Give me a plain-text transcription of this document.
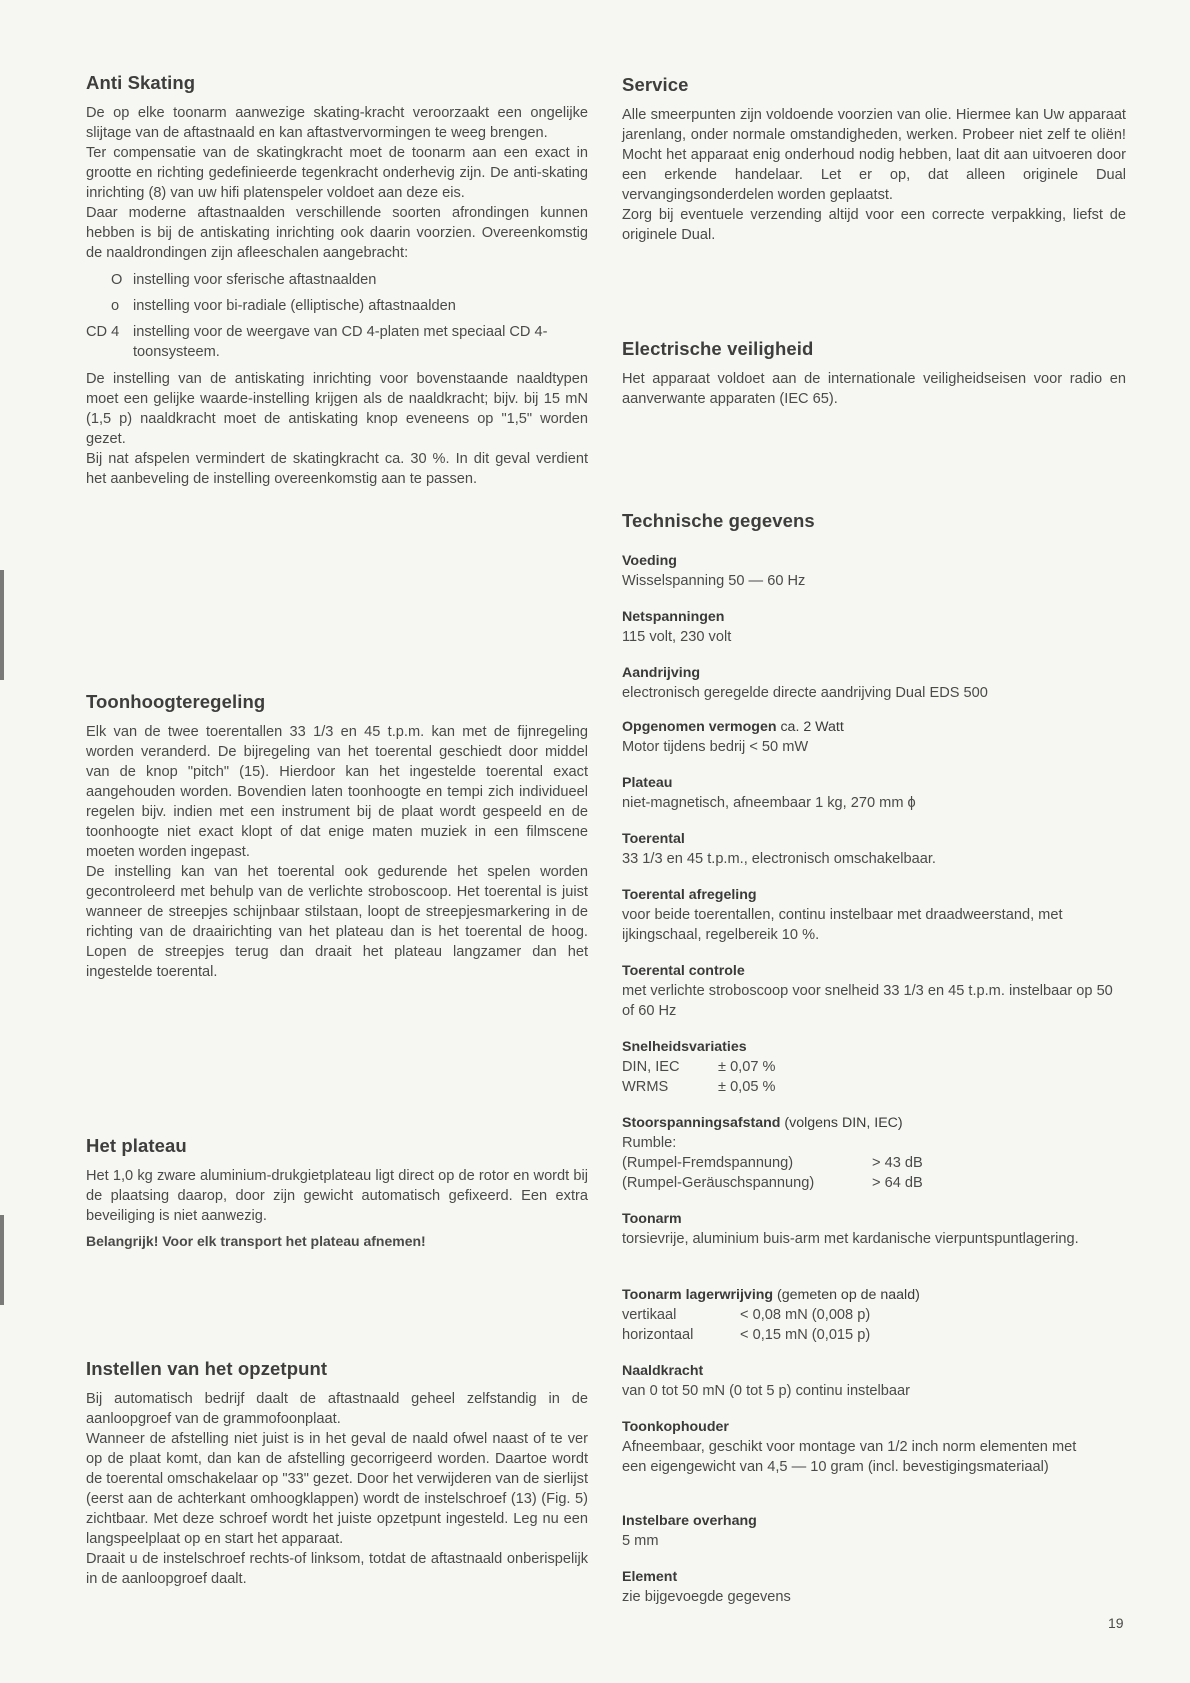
Anti Skating

De op elke toonarm aanwezige skating-kracht veroorzaakt een ongelijke slijtage van de aftastnaald en kan aftastvervormingen te weeg brengen.

Ter compensatie van de skatingkracht moet de toonarm aan een exact in grootte en richting gedefinieerde tegenkracht onderhevig zijn. De anti-skating inrichting (8) van uw hifi platenspeler voldoet aan deze eis.

Daar moderne aftastnaalden verschillende soorten afrondingen kunnen hebben is bij de antiskating inrichting ook daarin voorzien. Overeenkomstig de naaldrondingen zijn afleeschalen aangebracht:

O instelling voor sferische aftastnaalden
o instelling voor bi-radiale (elliptische) aftastnaalden
CD 4 instelling voor de weergave van CD 4-platen met speciaal CD 4-toonsysteem.

De instelling van de antiskating inrichting voor bovenstaande naaldtypen moet een gelijke waarde-instelling krijgen als de naaldkracht; bijv. bij 15 mN (1,5 p) naaldkracht moet de antiskating knop eveneens op "1,5" worden gezet.

Bij nat afspelen vermindert de skatingkracht ca. 30 %. In dit geval verdient het aanbeveling de instelling overeenkomstig aan te passen.

Toonhoogteregeling

Elk van de twee toerentallen 33 1/3 en 45 t.p.m. kan met de fijnregeling worden veranderd. De bijregeling van het toerental geschiedt door middel van de knop "pitch" (15). Hierdoor kan het ingestelde toerental exact aangehouden worden. Bovendien laten toonhoogte en tempi zich individueel regelen bijv. indien met een instrument bij de plaat wordt gespeeld en de toonhoogte niet exact klopt of dat enige maten muziek in een filmscene moeten worden ingepast.

De instelling kan van het toerental ook gedurende het spelen worden gecontroleerd met behulp van de verlichte stroboscoop. Het toerental is juist wanneer de streepjes schijnbaar stilstaan, loopt de streepjesmarkering in de richting van de draairichting van het plateau dan is het toerental de hoog. Lopen de streepjes terug dan draait het plateau langzamer dan het ingestelde toerental.

Het plateau

Het 1,0 kg zware aluminium-drukgietplateau ligt direct op de rotor en wordt bij de plaatsing daarop, door zijn gewicht automatisch gefixeerd. Een extra beveiliging is niet aanwezig.

Belangrijk! Voor elk transport het plateau afnemen!

Instellen van het opzetpunt

Bij automatisch bedrijf daalt de aftastnaald geheel zelfstandig in de aanloopgroef van de grammofoonplaat.

Wanneer de afstelling niet juist is in het geval de naald ofwel naast of te ver op de plaat komt, dan kan de afstelling gecorrigeerd worden. Daartoe wordt de toerental omschakelaar op "33" gezet. Door het verwijderen van de sierlijst (eerst aan de achterkant omhoogklappen) wordt de instelschroef (13) (Fig. 5) zichtbaar. Met deze schroef wordt het juiste opzetpunt ingesteld. Leg nu een langspeelplaat op en start het apparaat.

Draait u de instelschroef rechts-of linksom, totdat de aftastnaald onberispelijk in de aanloopgroef daalt.

Service

Alle smeerpunten zijn voldoende voorzien van olie. Hiermee kan Uw apparaat jarenlang, onder normale omstandigheden, werken. Probeer niet zelf te oliën! Mocht het apparaat enig onderhoud nodig hebben, laat dit aan uitvoeren door een erkende handelaar. Let er op, dat alleen originele Dual vervangingsonderdelen worden geplaatst.

Zorg bij eventuele verzending altijd voor een correcte verpakking, liefst de originele Dual.

Electrische veiligheid

Het apparaat voldoet aan de internationale veiligheidseisen voor radio en aanverwante apparaten (IEC 65).

Technische gegevens
Voeding
Wisselspanning 50 — 60 Hz
Netspanningen
115 volt, 230 volt
Aandrijving
electronisch geregelde directe aandrijving Dual EDS 500
Opgenomen vermogen ca. 2 Watt
Motor tijdens bedrij < 50 mW
Plateau
niet-magnetisch, afneembaar 1 kg, 270 mm ϕ
Toerental
33 1/3 en 45 t.p.m., electronisch omschakelbaar.
Toerental afregeling
voor beide toerentallen, continu instelbaar met draadweerstand, met ijkingschaal, regelbereik 10 %.
Toerental controle
met verlichte stroboscoop voor snelheid 33 1/3 en 45 t.p.m. instelbaar op 50 of 60 Hz
Snelheidsvariaties
DIN, IEC	± 0,07 %
WRMS	± 0,05 %
Stoorspanningsafstand (volgens DIN, IEC)
Rumble:
(Rumpel-Fremdspannung)	> 43 dB
(Rumpel-Geräuschspannung)	> 64 dB
Toonarm
torsievrije, aluminium buis-arm met kardanische vierpuntspuntlagering.
Toonarm lagerwrijving (gemeten op de naald)
vertikaal	< 0,08 mN (0,008 p)
horizontaal	< 0,15 mN (0,015 p)
Naaldkracht
van 0 tot 50 mN (0 tot 5 p) continu instelbaar
Toonkophouder
Afneembaar, geschikt voor montage van 1/2 inch norm elementen met een eigengewicht van 4,5 — 10 gram (incl. bevestigingsmateriaal)
Instelbare overhang
5 mm
Element
zie bijgevoegde gegevens
19
